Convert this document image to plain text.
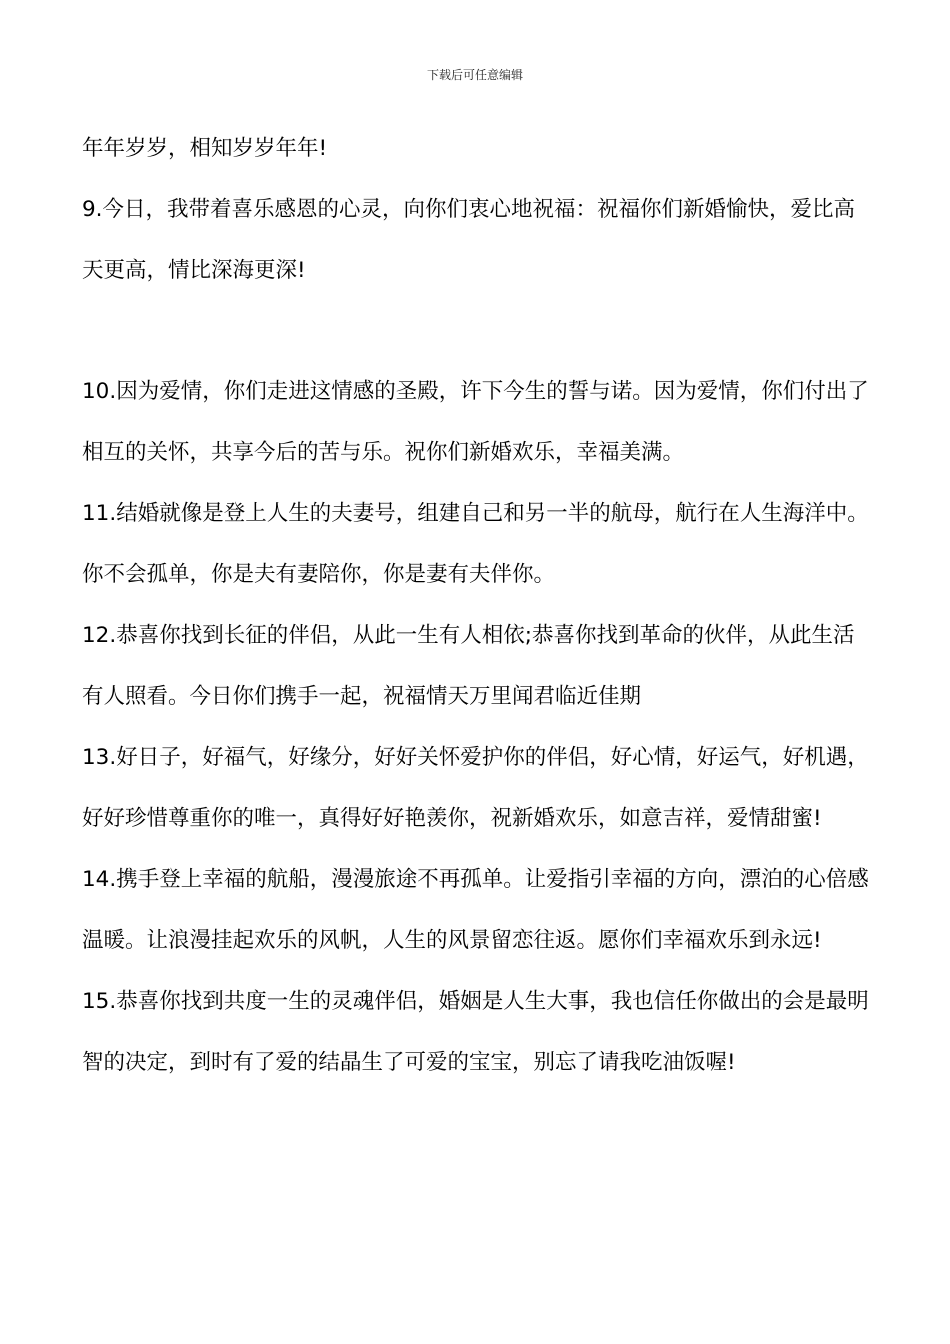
下载后可任意编辑

年年岁岁，相知岁岁年年!

9.今日，我带着喜乐感恩的心灵，向你们衷心地祝福：祝福你们新婚愉快，爱比高天更高，情比深海更深!

10.因为爱情，你们走进这情感的圣殿，许下今生的誓与诺。因为爱情，你们付出了相互的关怀，共享今后的苦与乐。祝你们新婚欢乐，幸福美满。

11.结婚就像是登上人生的夫妻号，组建自己和另一半的航母，航行在人生海洋中。你不会孤单，你是夫有妻陪你，你是妻有夫伴你。

12.恭喜你找到长征的伴侣，从此一生有人相依;恭喜你找到革命的伙伴，从此生活有人照看。今日你们携手一起，祝福情天万里闻君临近佳期

13.好日子，好福气，好缘分，好好关怀爱护你的伴侣，好心情，好运气，好机遇，好好珍惜尊重你的唯一，真得好好艳羡你，祝新婚欢乐，如意吉祥，爱情甜蜜!

14.携手登上幸福的航船，漫漫旅途不再孤单。让爱指引幸福的方向，漂泊的心倍感温暖。让浪漫挂起欢乐的风帆，人生的风景留恋往返。愿你们幸福欢乐到永远!

15.恭喜你找到共度一生的灵魂伴侣，婚姻是人生大事，我也信任你做出的会是最明智的决定，到时有了爱的结晶生了可爱的宝宝，别忘了请我吃油饭喔!
